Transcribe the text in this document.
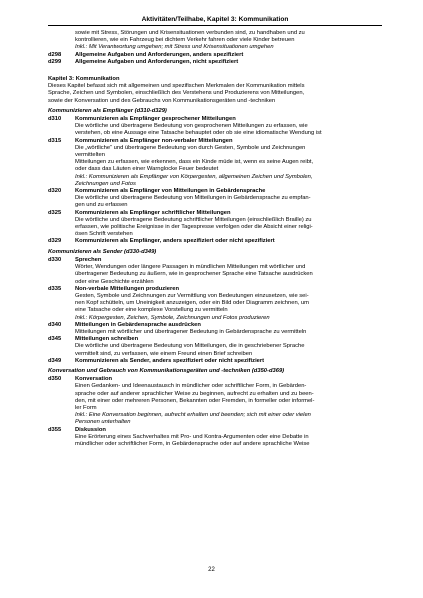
Aktivitäten/Teilhabe, Kapitel 3: Kommunikation
sowie mit Stress, Störungen und Krisensituationen verbunden sind, zu handhaben und zu
kontrollieren, wie ein Fahrzeug bei dichtem Verkehr fahren oder viele Kinder betreuen
Inkl.: Mit Verantwortung umgehen; mit Stress und Krisensituationen umgehen
d298	Allgemeine Aufgaben und Anforderungen, anders spezifiziert
d299	Allgemeine Aufgaben und Anforderungen, nicht spezifiziert
Kapitel 3: Kommunikation
Dieses Kapitel befasst sich mit allgemeinen und spezifischen Merkmalen der Kommunikation mittels
Sprache, Zeichen und Symbolen, einschließlich des Verstehens und Produzierens von Mitteilungen,
sowie der Konversation und des Gebrauchs von Kommunikationsgeräten und -techniken
Kommunizieren als Empfänger (d310-d329)
d310	Kommunizieren als Empfänger gesprochener Mitteilungen
Die wörtliche und übertragene Bedeutung von gesprochenen Mitteilungen zu erfassen, wie
verstehen, ob eine Aussage eine Tatsache behauptet oder ob sie eine idiomatische Wendung ist
d315	Kommunizieren als Empfänger non-verbaler Mitteilungen
Die „wörtliche“ und übertragene Bedeutung von durch Gesten, Symbole und Zeichnungen
vermittelten
Mitteilungen zu erfassen, wie erkennen, dass ein Kinde müde ist, wenn es seine Augen reibt,
oder dass das Läuten einer Warnglocke Feuer bedeutet
Inkl.: Kommunizieren als Empfänger von Körpergesten, allgemeinen Zeichen und Symbolen,
Zeichnungen und Fotos
d320	Kommunizieren als Empfänger von Mitteilungen in Gebärdensprache
Die wörtliche und übertragene Bedeutung von Mitteilungen in Gebärdensprache zu empfan-
gen und zu erfassen
d325	Kommunizieren als Empfänger schriftlicher Mitteilungen
Die wörtliche und übertragene Bedeutung schriftlicher Mitteilungen (einschließlich Braille) zu
erfassen, wie politische Ereignisse in der Tagespresse verfolgen oder die Absicht einer religi-
ösen Schrift verstehen
d329	Kommunizieren als Empfänger, anders spezifiziert oder nicht spezifiziert
Kommunizieren als Sender (d330-d349)
d330	Sprechen
Wörter, Wendungen oder längere Passagen in mündlichen Mitteilungen mit wörtlicher und
übertragener Bedeutung zu äußern, wie in gesprochener Sprache eine Tatsache ausdrücken
oder eine Geschichte erzählen
d335	Non-verbale Mitteilungen produzieren
Gesten, Symbole und Zeichnungen zur Vermittlung von Bedeutungen einzusetzen, wie sei-
nen Kopf schütteln, um Uneinigkeit anzuzeigen, oder ein Bild oder Diagramm zeichnen, um
eine Tatsache oder eine komplexe Vorstellung zu vermitteln
Inkl.: Körpergesten, Zeichen, Symbole, Zeichnungen und Fotos produzieren
d340	Mitteilungen in Gebärdensprache ausdrücken
Mitteilungen mit wörtlicher und übertragener Bedeutung in Gebärdensprache zu vermitteln
d345	Mitteilungen schreiben
Die wörtliche und übertragene Bedeutung von Mitteilungen, die in geschriebener Sprache
vermittelt sind, zu verfassen, wie einem Freund einen Brief schreiben
d349	Kommunizieren als Sender, anders spezifiziert oder nicht spezifiziert
Konversation und Gebrauch von Kommunikationsgeräten und -techniken (d350-d369)
d350	Konversation
Einen Gedanken- und Ideenaustausch in mündlicher oder schriftlicher Form, in Gebärden-
sprache oder auf anderer sprachlicher Weise zu beginnen, aufrecht zu erhalten und zu been-
den, mit einer oder mehreren Personen, Bekannten oder Fremden, in formeller oder informel-
ler Form
Inkl.: Eine Konversation beginnen, aufrecht erhalten und beenden; sich mit einer oder vielen
Personen unterhalten
d355	Diskussion
Eine Erörterung eines Sachverhaltes mit Pro- und Kontra-Argumenten oder eine Debatte in
mündlicher oder schriftlicher Form, in Gebärdensprache oder auf andere sprachliche Weise
22
